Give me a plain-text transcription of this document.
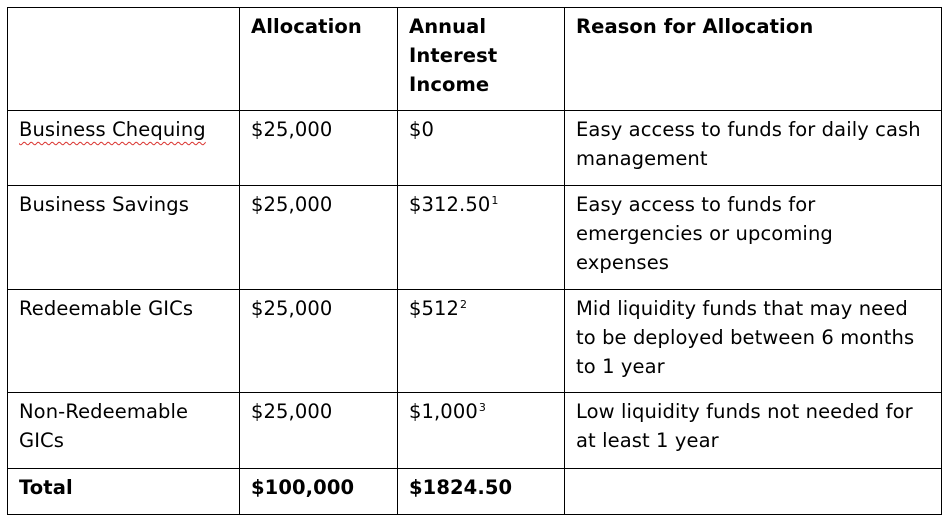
	Allocation	Annual Interest Income	Reason for Allocation
Business Chequing	$25,000	$0	Easy access to funds for daily cash management
Business Savings	$25,000	$312.50$^1$	Easy access to funds for emergencies or upcoming expenses
Redeemable GICs	$25,000	$\$512^2$	Mid liquidity funds that may need to be deployed between 6 months to 1 year
Non-Redeemable GICs	$25,000	$1,000$^3$	Low liquidity funds not needed for at least 1 year
Total	$100,000	$1824.50	
